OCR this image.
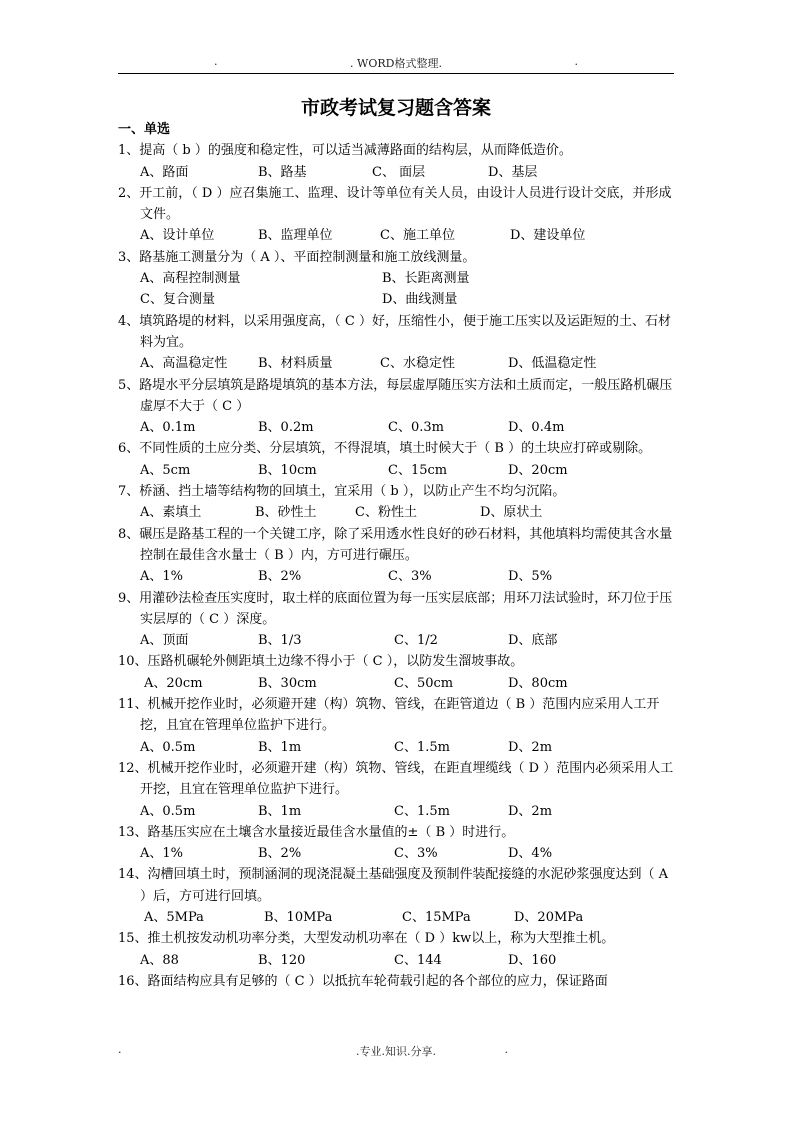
.	. WORD格式整理.	.
市政考试复习题含答案
一、单选
1、提高（ b ）的强度和稳定性，可以适当减薄路面的结构层，从而降低造价。
A、路面	B、路基	C、 面层	D、基层
2、开工前，（ D ）应召集施工、监理、设计等单位有关人员，由设计人员进行设计交底，并形成文件。
A、设计单位	B、监理单位	C、施工单位	D、建设单位
3、路基施工测量分为（ A ）、平面控制测量和施工放线测量。
A、高程控制测量	B、长距离测量
C、复合测量	D、曲线测量
4、填筑路堤的材料，以采用强度高，（ C ）好，压缩性小，便于施工压实以及运距短的土、石材料为宜。
A、高温稳定性 B、材料质量	C、水稳定性	D、低温稳定性
5、路堤水平分层填筑是路堤填筑的基本方法，每层虚厚随压实方法和土质而定，一般压路机碾压虚厚不大于（ C ）
A、0.1m	B、0.2m	C、0.3m	D、0.4m
6、不同性质的土应分类、分层填筑，不得混填，填土时候大于（ B ）的土块应打碎或剔除。
A、5cm	B、10cm	C、15cm	D、20cm
7、桥涵、挡土墙等结构物的回填土，宜采用（ b ），以防止产生不均匀沉陷。
A、素填土	B、砂性土	C、粉性土	D、原状土
8、碾压是路基工程的一个关键工序，除了采用透水性良好的砂石材料，其他填料均需使其含水量控制在最佳含水量士（ B ）内，方可进行碾压。
A、1%	B、2%	C、3%	D、5%
9、用灌砂法检查压实度时，取土样的底面位置为每一压实层底部；用环刀法试验时，环刀位于压实层厚的（ C ）深度。
A、顶面	B、1/3	C、1/2	D、底部
10、压路机碾轮外侧距填土边缘不得小于（ C ），以防发生溜坡事故。
A、20cm	B、30cm	C、50cm	D、80cm
11、机械开挖作业时，必须避开建（构）筑物、管线，在距管道边（ B ）范围内应采用人工开挖，且宜在管理单位监护下进行。
A、0.5m	B、1m	C、1.5m	D、2m
12、机械开挖作业时，必须避开建（构）筑物、管线，在距直埋缆线（ D ）范围内必须采用人工开挖，且宜在管理单位监护下进行。
A、0.5m	B、1m	C、1.5m	D、2m
13、路基压实应在土壤含水量接近最佳含水量值的±（ B ）时进行。
A、1%	B、2%	C、3%	D、4%
14、沟槽回填土时，预制涵洞的现浇混凝土基础强度及预制件装配接缝的水泥砂浆强度达到（ A ）后，方可进行回填。
A、5MPa	B、10MPa	C、15MPa	D、20MPa
15、推土机按发动机功率分类，大型发动机功率在（ D ）kw以上，称为大型推土机。
A、88	B、120	C、144	D、160
16、路面结构应具有足够的（ C ）以抵抗车轮荷载引起的各个部位的应力，保证路面
.	.专业.知识.分享.	.
